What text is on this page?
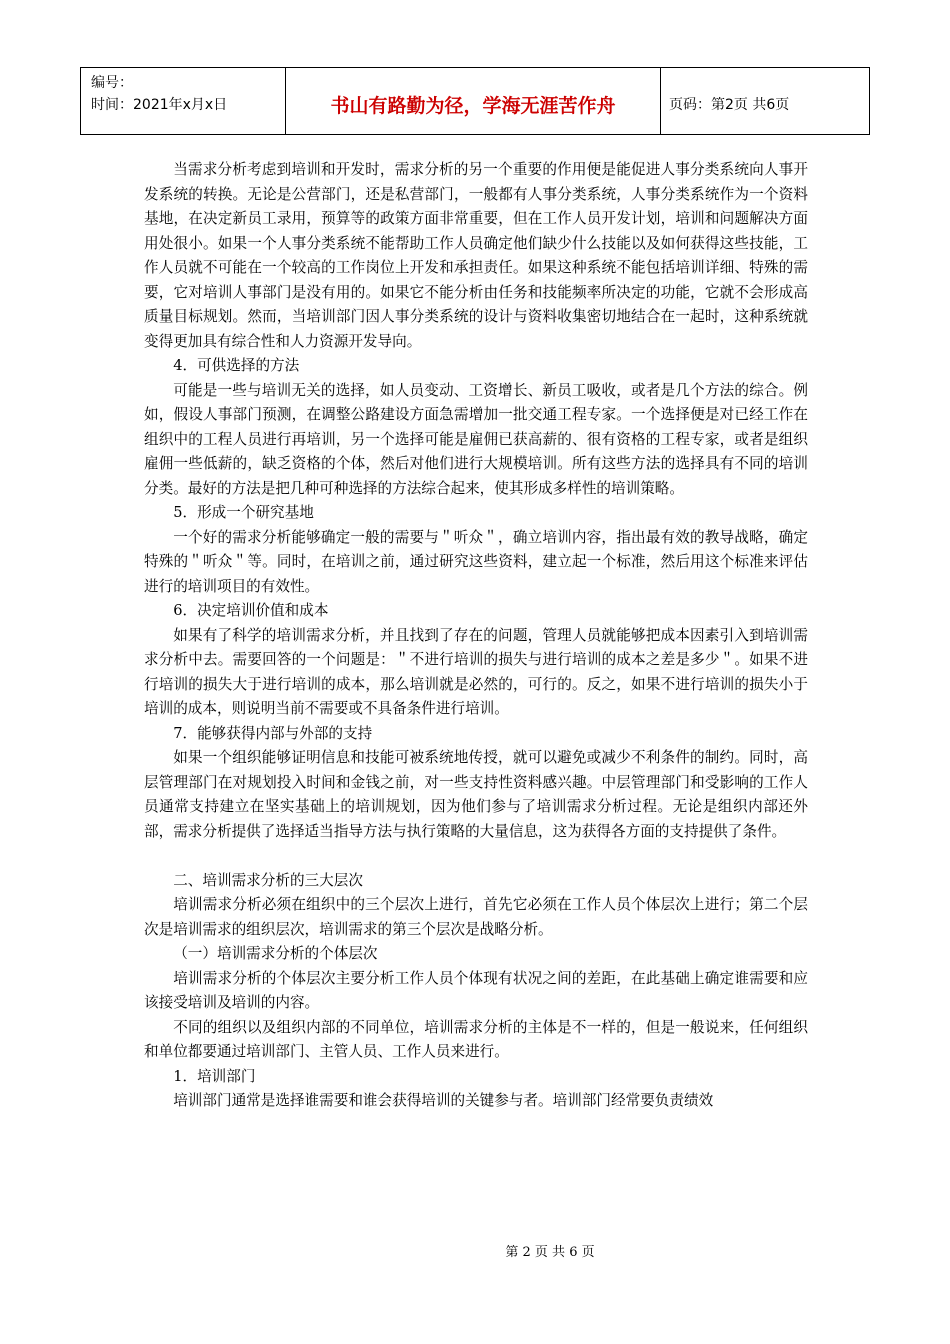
编号：
时间：2021年x月x日	书山有路勤为径，学海无涯苦作舟	页码：第2页 共6页

当需求分析考虑到培训和开发时，需求分析的另一个重要的作用便是能促进人事分类系统向人事开发系统的转换。无论是公营部门，还是私营部门，一般都有人事分类系统，人事分类系统作为一个资料基地，在决定新员工录用，预算等的政策方面非常重要，但在工作人员开发计划，培训和问题解决方面用处很小。如果一个人事分类系统不能帮助工作人员确定他们缺少什么技能以及如何获得这些技能，工作人员就不可能在一个较高的工作岗位上开发和承担责任。如果这种系统不能包括培训详细、特殊的需要，它对培训人事部门是没有用的。如果它不能分析由任务和技能频率所决定的功能，它就不会形成高质量目标规划。然而，当培训部门因人事分类系统的设计与资料收集密切地结合在一起时，这种系统就变得更加具有综合性和人力资源开发导向。

4．可供选择的方法

可能是一些与培训无关的选择，如人员变动、工资增长、新员工吸收，或者是几个方法的综合。例如，假设人事部门预测，在调整公路建设方面急需增加一批交通工程专家。一个选择便是对已经工作在组织中的工程人员进行再培训，另一个选择可能是雇佣已获高薪的、很有资格的工程专家，或者是组织雇佣一些低薪的，缺乏资格的个体，然后对他们进行大规模培训。所有这些方法的选择具有不同的培训分类。最好的方法是把几种可种选择的方法综合起来，使其形成多样性的培训策略。

5．形成一个研究基地

一个好的需求分析能够确定一般的需要与＂听众＂，确立培训内容，指出最有效的教导战略，确定特殊的＂听众＂等。同时，在培训之前，通过研究这些资料，建立起一个标准，然后用这个标准来评估进行的培训项目的有效性。

6．决定培训价值和成本

如果有了科学的培训需求分析，并且找到了存在的问题，管理人员就能够把成本因素引入到培训需求分析中去。需要回答的一个问题是：＂不进行培训的损失与进行培训的成本之差是多少＂。如果不进行培训的损失大于进行培训的成本，那么培训就是必然的，可行的。反之，如果不进行培训的损失小于培训的成本，则说明当前不需要或不具备条件进行培训。

7．能够获得内部与外部的支持

如果一个组织能够证明信息和技能可被系统地传授，就可以避免或减少不利条件的制约。同时，高层管理部门在对规划投入时间和金钱之前，对一些支持性资料感兴趣。中层管理部门和受影响的工作人员通常支持建立在坚实基础上的培训规划，因为他们参与了培训需求分析过程。无论是组织内部还外部，需求分析提供了选择适当指导方法与执行策略的大量信息，这为获得各方面的支持提供了条件。

二、培训需求分析的三大层次

培训需求分析必须在组织中的三个层次上进行，首先它必须在工作人员个体层次上进行；第二个层次是培训需求的组织层次，培训需求的第三个层次是战略分析。

（一）培训需求分析的个体层次

培训需求分析的个体层次主要分析工作人员个体现有状况之间的差距，在此基础上确定谁需要和应该接受培训及培训的内容。

不同的组织以及组织内部的不同单位，培训需求分析的主体是不一样的，但是一般说来，任何组织和单位都要通过培训部门、主管人员、工作人员来进行。

1．培训部门

培训部门通常是选择谁需要和谁会获得培训的关键参与者。培训部门经常要负责绩效

第 2 页 共 6 页
